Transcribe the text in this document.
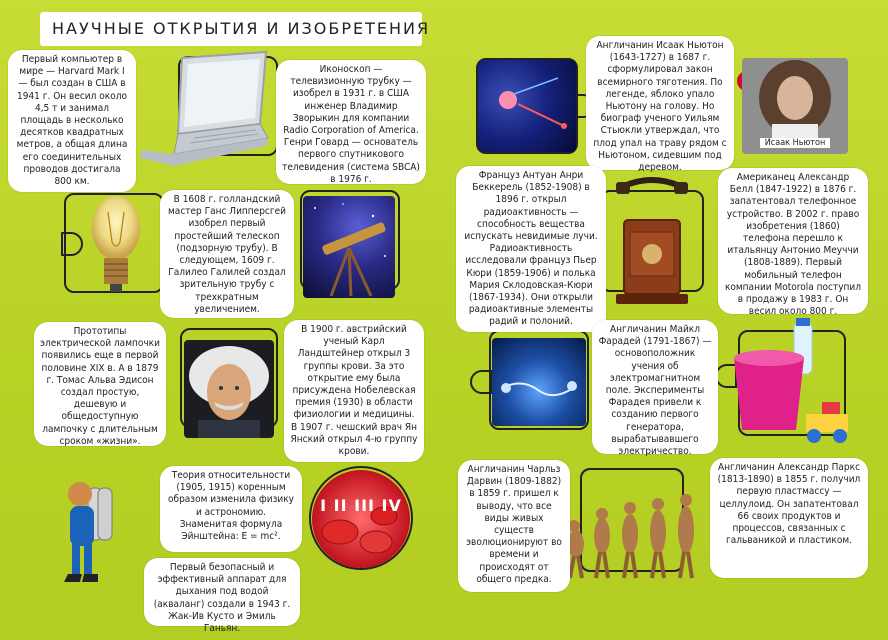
НАУЧНЫЕ ОТКРЫТИЯ И ИЗОБРЕТЕНИЯ
I II III IV
Первый компьютер в мире — Harvard Mark I — был создан в США в 1941 г. Он весил около 4,5 т и занимал площадь в несколько десятков квадратных метров, а общая длина его соединительных проводов достигала 800 км.
Иконоскоп — телевизионную трубку — изобрел в 1931 г. в США инженер Владимир Зворыкин для компании Radio Corporation of America. Генри Говард — основатель первого спутникового телевидения (система SBCA) в 1976 г.
В 1608 г. голландский мастер Ганс Липперсгей изобрел первый простейший телескоп (подзорную трубу). В следующем, 1609 г. Галилео Галилей создал зрительную трубу с трехкратным увеличением.
Прототипы электрической лампочки появились еще в первой половине XIX в. А в 1879 г. Томас Альва Эдисон создал простую, дешевую и общедоступную лампочку с длительным сроком «жизни».
В 1900 г. австрийский ученый Карл Ландштейнер открыл 3 группы крови. За это открытие ему была присуждена Нобелевская премия (1930) в области физиологии и медицины. В 1907 г. чешский врач Ян Янский открыл 4-ю группу крови.
Теория относительности (1905, 1915) коренным образом изменила физику и астрономию. Знаменитая формула Эйнштейна: E = mc².
Первый безопасный и эффективный аппарат для дыхания под водой (акваланг) создали в 1943 г. Жак-Ив Кусто и Эмиль Ганьян.
Исаак Ньютон
Англичанин Исаак Ньютон (1643-1727) в 1687 г. сформулировал закон всемирного тяготения. По легенде, яблоко упало Ньютону на голову. Но биограф ученого Уильям Стьюкли утверждал, что плод упал на траву рядом с Ньютоном, сидевшим под деревом.
Француз Антуан Анри Беккерель (1852-1908) в 1896 г. открыл радиоактивность — способность вещества испускать невидимые лучи. Радиоактивность исследовали француз Пьер Кюри (1859-1906) и полька Мария Склодовская-Кюри (1867-1934). Они открыли радиоактивные элементы радий и полоний.
Американец Александр Белл (1847-1922) в 1876 г. запатентовал телефонное устройство. В 2002 г. право изобретения (1860) телефона перешло к итальянцу Антонио Меуччи (1808-1889). Первый мобильный телефон компании Motorola поступил в продажу в 1983 г. Он весил около 800 г.
Англичанин Майкл Фарадей (1791-1867) — основоположник учения об электромагнитном поле. Эксперименты Фарадея привели к созданию первого генератора, вырабатывавшего электричество.
Англичанин Чарльз Дарвин (1809-1882) в 1859 г. пришел к выводу, что все виды живых существ эволюционируют во времени и происходят от общего предка.
Англичанин Александр Паркс (1813-1890) в 1855 г. получил первую пластмассу — целлулоид. Он запатентовал 66 своих продуктов и процессов, связанных с гальваникой и пластиком.
